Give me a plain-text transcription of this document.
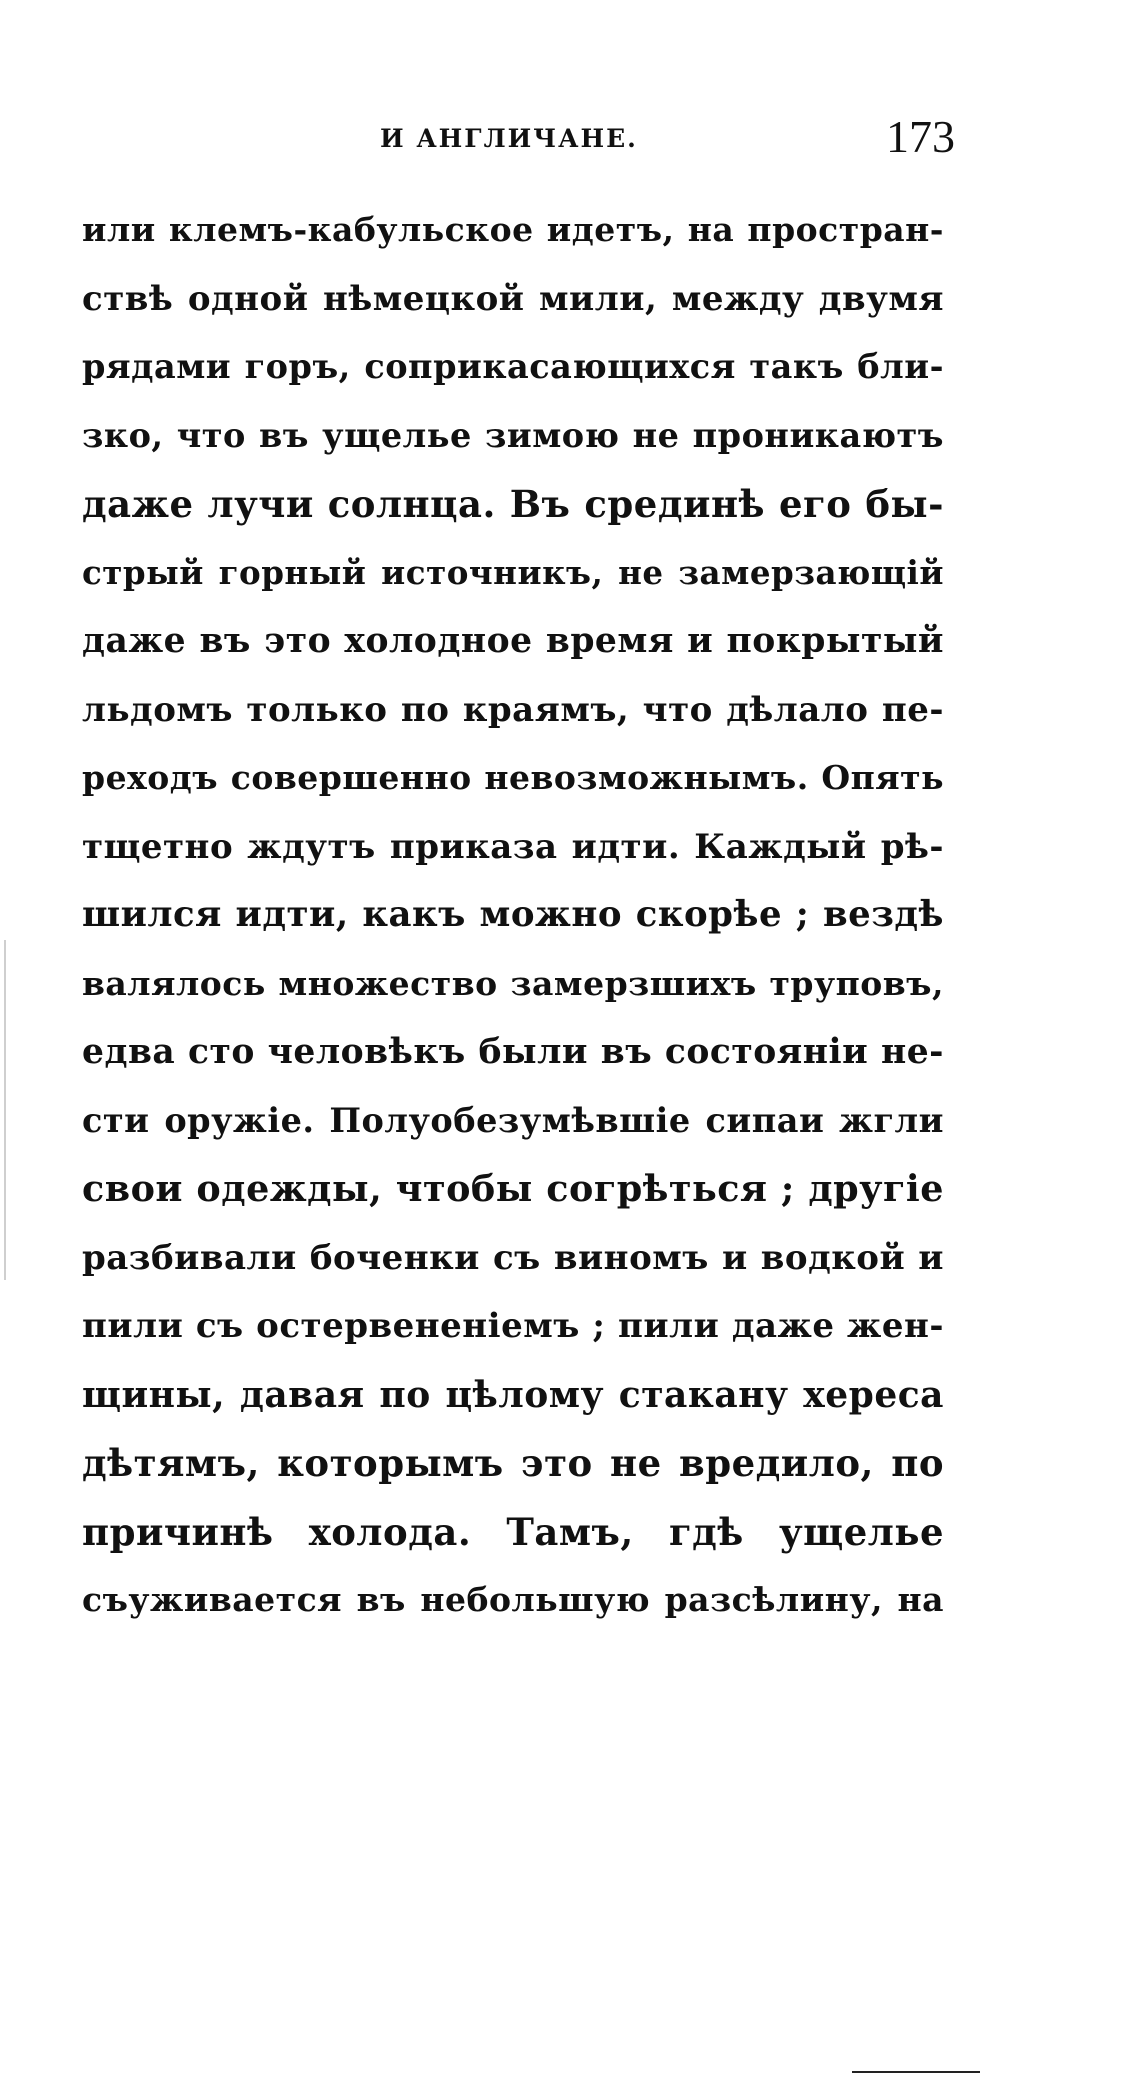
И АНГЛИЧАНЕ.	173
или клемъ-кабульское идетъ, на простран-
ствѣ одной нѣмецкой мили, между двумя
рядами горъ, соприкасающихся такъ бли-
зко, что въ ущелье зимою не проникаютъ
даже лучи солнца. Въ срединѣ его бы-
стрый горный источникъ, не замерзающій
даже въ это холодное время и покрытый
льдомъ только по краямъ, что дѣлало пе-
реходъ совершенно невозможнымъ. Опять
тщетно ждутъ приказа идти. Каждый рѣ-
шился идти, какъ можно скорѣе ; вездѣ
валялось множество замерзшихъ труповъ,
едва сто человѣкъ были въ состояніи не-
сти оружіе. Полуобезумѣвшіе сипаи жгли
свои одежды, чтобы согрѣться ; другіе
разбивали боченки съ виномъ и водкой и
пили съ остервененіемъ ; пили даже жен-
щины, давая по цѣлому стакану хереса
дѣтямъ, которымъ это не вредило, по
причинѣ холода. Тамъ, гдѣ ущелье
съуживается въ небольшую разсѣлину, на
